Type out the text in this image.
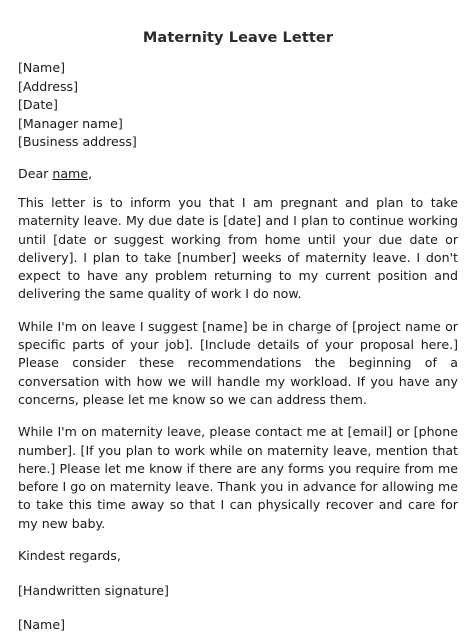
Maternity Leave Letter
[Name]
[Address]
[Date]
[Manager name]
[Business address]
Dear name,

This letter is to inform you that I am pregnant and plan to take maternity leave. My due date is [date] and I plan to continue working until [date or suggest working from home until your due date or delivery]. I plan to take [number] weeks of maternity leave. I don't expect to have any problem returning to my current position and delivering the same quality of work I do now.

While I'm on leave I suggest [name] be in charge of [project name or specific parts of your job]. [Include details of your proposal here.] Please consider these recommendations the beginning of a conversation with how we will handle my workload. If you have any concerns, please let me know so we can address them.

While I'm on maternity leave, please contact me at [email] or [phone number]. [If you plan to work while on maternity leave, mention that here.] Please let me know if there are any forms you require from me before I go on maternity leave. Thank you in advance for allowing me to take this time away so that I can physically recover and care for my new baby.

Kindest regards,
[Handwritten signature]
[Name]
